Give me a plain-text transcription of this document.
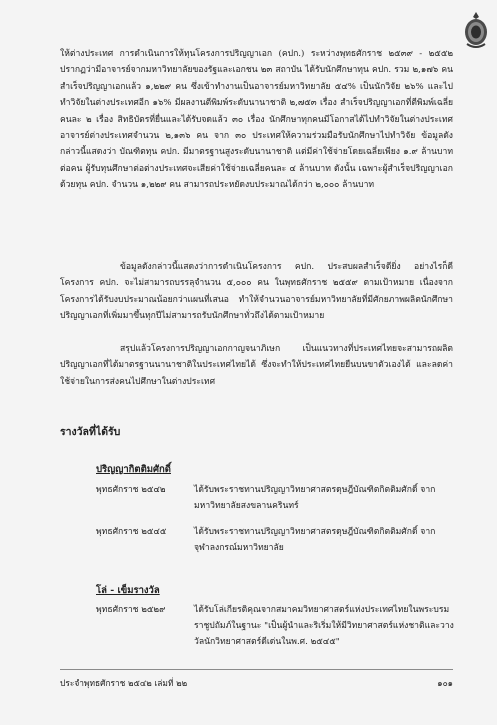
ให้ต่างประเทศ การดำเนินการให้ทุนโครงการปริญญาเอก (คปก.) ระหว่างพุทธศักราช ๒๕๓๙ - ๒๕๕๒ ปรากฏว่ามีอาจารย์จากมหาวิทยาลัยของรัฐและเอกชน ๒๓ สถาบัน ได้รับนักศึกษาทุน คปก. รวม ๒,๑๗๖ คน สำเร็จปริญญาเอกแล้ว ๑,๒๒๙ คน ซึ่งเข้าทำงานเป็นอาจารย์มหาวิทยาลัย ๕๔% เป็นนักวิจัย ๒๖% และไปทำวิจัยในต่างประเทศอีก ๑๖% มีผลงานตีพิมพ์ระดับนานาชาติ ๒,๗๕๓ เรื่อง สำเร็จปริญญาเอกที่ตีพิมพ์เฉลี่ยคนละ ๒ เรื่อง สิทธิบัตรที่ยื่นและได้รับจดแล้ว ๓๐ เรื่อง นักศึกษาทุกคนมีโอกาสได้ไปทำวิจัยในต่างประเทศ อาจารย์ต่างประเทศจำนวน ๒,๑๓๖ คน จาก ๓๐ ประเทศให้ความร่วมมือรับนักศึกษาไปทำวิจัย ข้อมูลดังกล่าวนี้แสดงว่า บัณฑิตทุน คปก. มีมาตรฐานสูงระดับนานาชาติ แต่มีค่าใช้จ่ายโดยเฉลี่ยเพียง ๑.๙ ล้านบาทต่อคน ผู้รับทุนศึกษาต่อต่างประเทศจะเสียค่าใช้จ่ายเฉลี่ยคนละ ๔ ล้านบาท ดังนั้น เฉพาะผู้สำเร็จปริญญาเอกด้วยทุน คปก. จำนวน ๑,๒๒๙ คน สามารถประหยัดงบประมาณได้กว่า ๒,๐๐๐ ล้านบาท

ข้อมูลดังกล่าวนี้แสดงว่าการดำเนินโครงการ คปก. ประสบผลสำเร็จดียิ่ง อย่างไรก็ดี โครงการ คปก. จะไม่สามารถบรรลุจำนวน ๕,๐๐๐ คน ในพุทธศักราช ๒๕๕๙ ตามเป้าหมาย เนื่องจากโครงการได้รับงบประมาณน้อยกว่าแผนที่เสนอ ทำให้จำนวนอาจารย์มหาวิทยาลัยที่มีศักยภาพผลิตนักศึกษาปริญญาเอกที่เพิ่มมาขึ้นทุกปีไม่สามารถรับนักศึกษาทั่วถึงได้ตามเป้าหมาย

สรุปแล้วโครงการปริญญาเอกกาญจนาภิเษก เป็นแนวทางที่ประเทศไทยจะสามารถผลิตปริญญาเอกที่ได้มาตรฐานนานาชาติในประเทศไทยได้ ซึ่งจะทำให้ประเทศไทยยืนบนขาตัวเองได้ และลดค่าใช้จ่ายในการส่งคนไปศึกษาในต่างประเทศ

รางวัลที่ได้รับ
ปริญญากิตติมศักดิ์
พุทธศักราช ๒๕๔๒	ได้รับพระราชทานปริญญาวิทยาศาสตรดุษฎีบัณฑิตกิตติมศักดิ์ จาก มหาวิทยาลัยสงขลานครินทร์
พุทธศักราช ๒๕๔๕	ได้รับพระราชทานปริญญาวิทยาศาสตรดุษฎีบัณฑิตกิตติมศักดิ์ จาก จุฬาลงกรณ์มหาวิทยาลัย
โล่ - เข็มรางวัล
พุทธศักราช ๒๕๒๙	ได้รับโล่เกียรติคุณจากสมาคมวิทยาศาสตร์แห่งประเทศไทยในพระบรมราชูปถัมภ์ในฐานะ "เป็นผู้นำและริเริ่มให้มีวิทยาศาสตร์แห่งชาติและวางวัลนักวิทยาศาสตร์ดีเด่นในพ.ศ. ๒๕๔๕"
ประจำพุทธศักราช ๒๕๔๒ เล่มที่ ๒๒	๑๐๑
